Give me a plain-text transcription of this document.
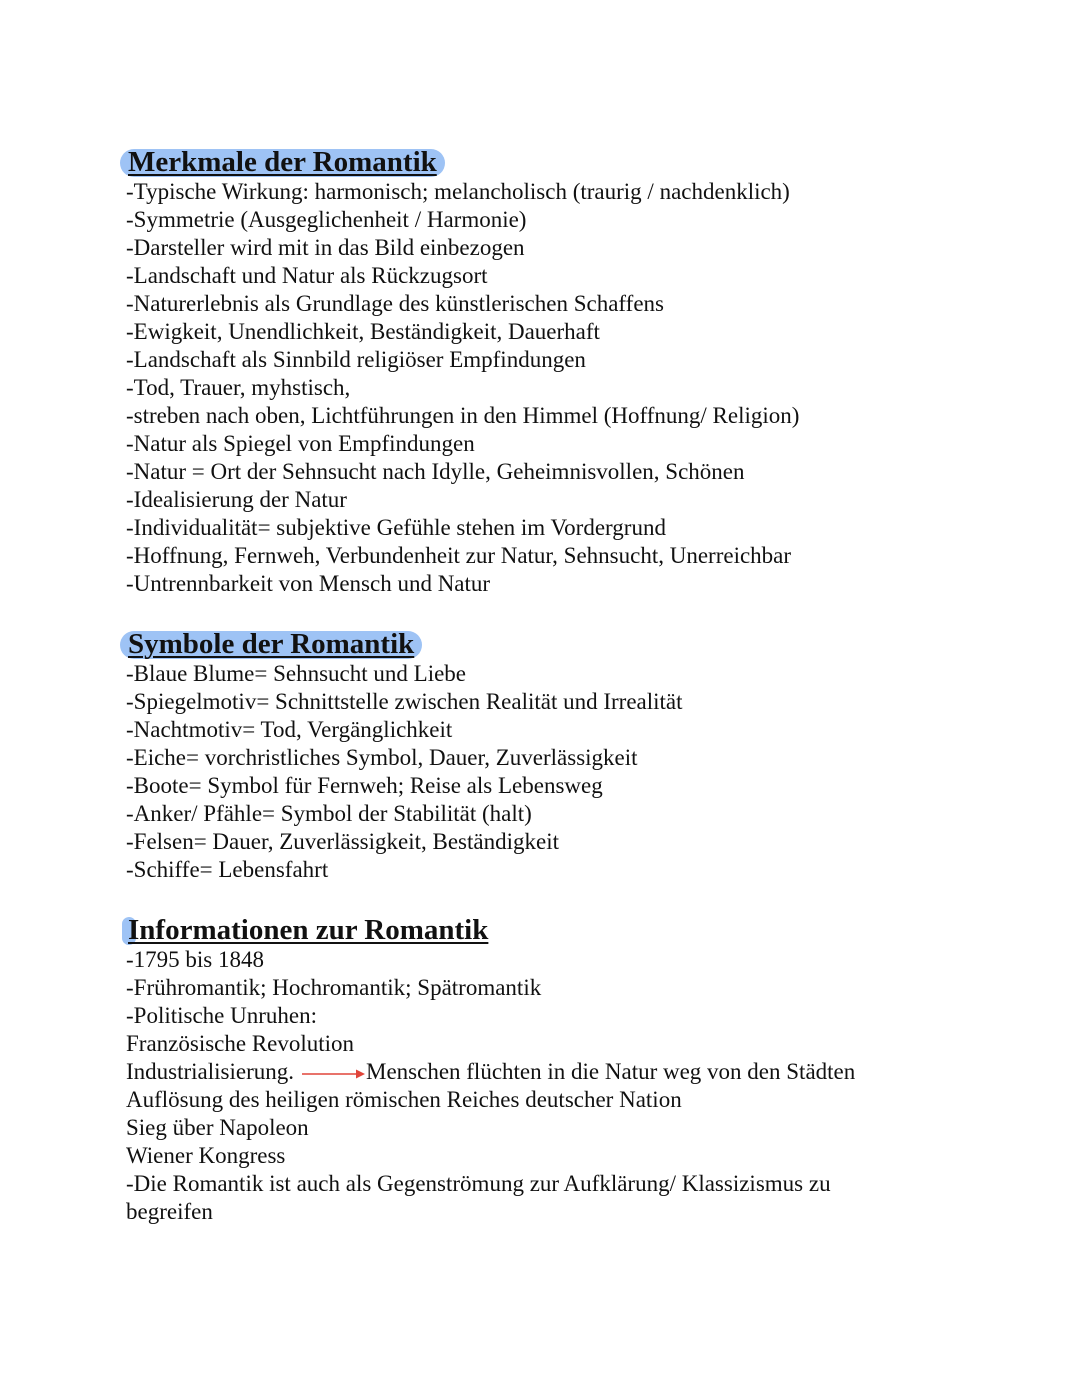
Merkmale der Romantik
-Typische Wirkung: harmonisch; melancholisch (traurig / nachdenklich)
-Symmetrie (Ausgeglichenheit / Harmonie)
-Darsteller wird mit in das Bild einbezogen
-Landschaft und Natur als Rückzugsort
-Naturerlebnis als Grundlage des künstlerischen Schaffens
-Ewigkeit, Unendlichkeit, Beständigkeit, Dauerhaft
-Landschaft als Sinnbild religiöser Empfindungen
-Tod, Trauer, myhstisch,
-streben nach oben, Lichtführungen in den Himmel (Hoffnung/ Religion)
-Natur als Spiegel von Empfindungen
-Natur = Ort der Sehnsucht nach Idylle, Geheimnisvollen, Schönen
-Idealisierung der Natur
-Individualität= subjektive Gefühle stehen im Vordergrund
-Hoffnung, Fernweh, Verbundenheit zur Natur, Sehnsucht, Unerreichbar
-Untrennbarkeit von Mensch und Natur
Symbole der Romantik
-Blaue Blume= Sehnsucht und Liebe
-Spiegelmotiv= Schnittstelle zwischen Realität und Irrealität
-Nachtmotiv= Tod, Vergänglichkeit
-Eiche= vorchristliches Symbol, Dauer, Zuverlässigkeit
-Boote= Symbol für Fernweh; Reise als Lebensweg
-Anker/ Pfähle= Symbol der Stabilität (halt)
-Felsen= Dauer, Zuverlässigkeit, Beständigkeit
-Schiffe= Lebensfahrt
Informationen zur Romantik
-1795 bis 1848
-Frühromantik; Hochromantik; Spätromantik
-Politische Unruhen:
Französische Revolution
Industrialisierung.	Menschen flüchten in die Natur weg von den Städten
Auflösung des heiligen römischen Reiches deutscher Nation
Sieg über Napoleon
Wiener Kongress
-Die Romantik ist auch als Gegenströmung zur Aufklärung/ Klassizismus zu begreifen
